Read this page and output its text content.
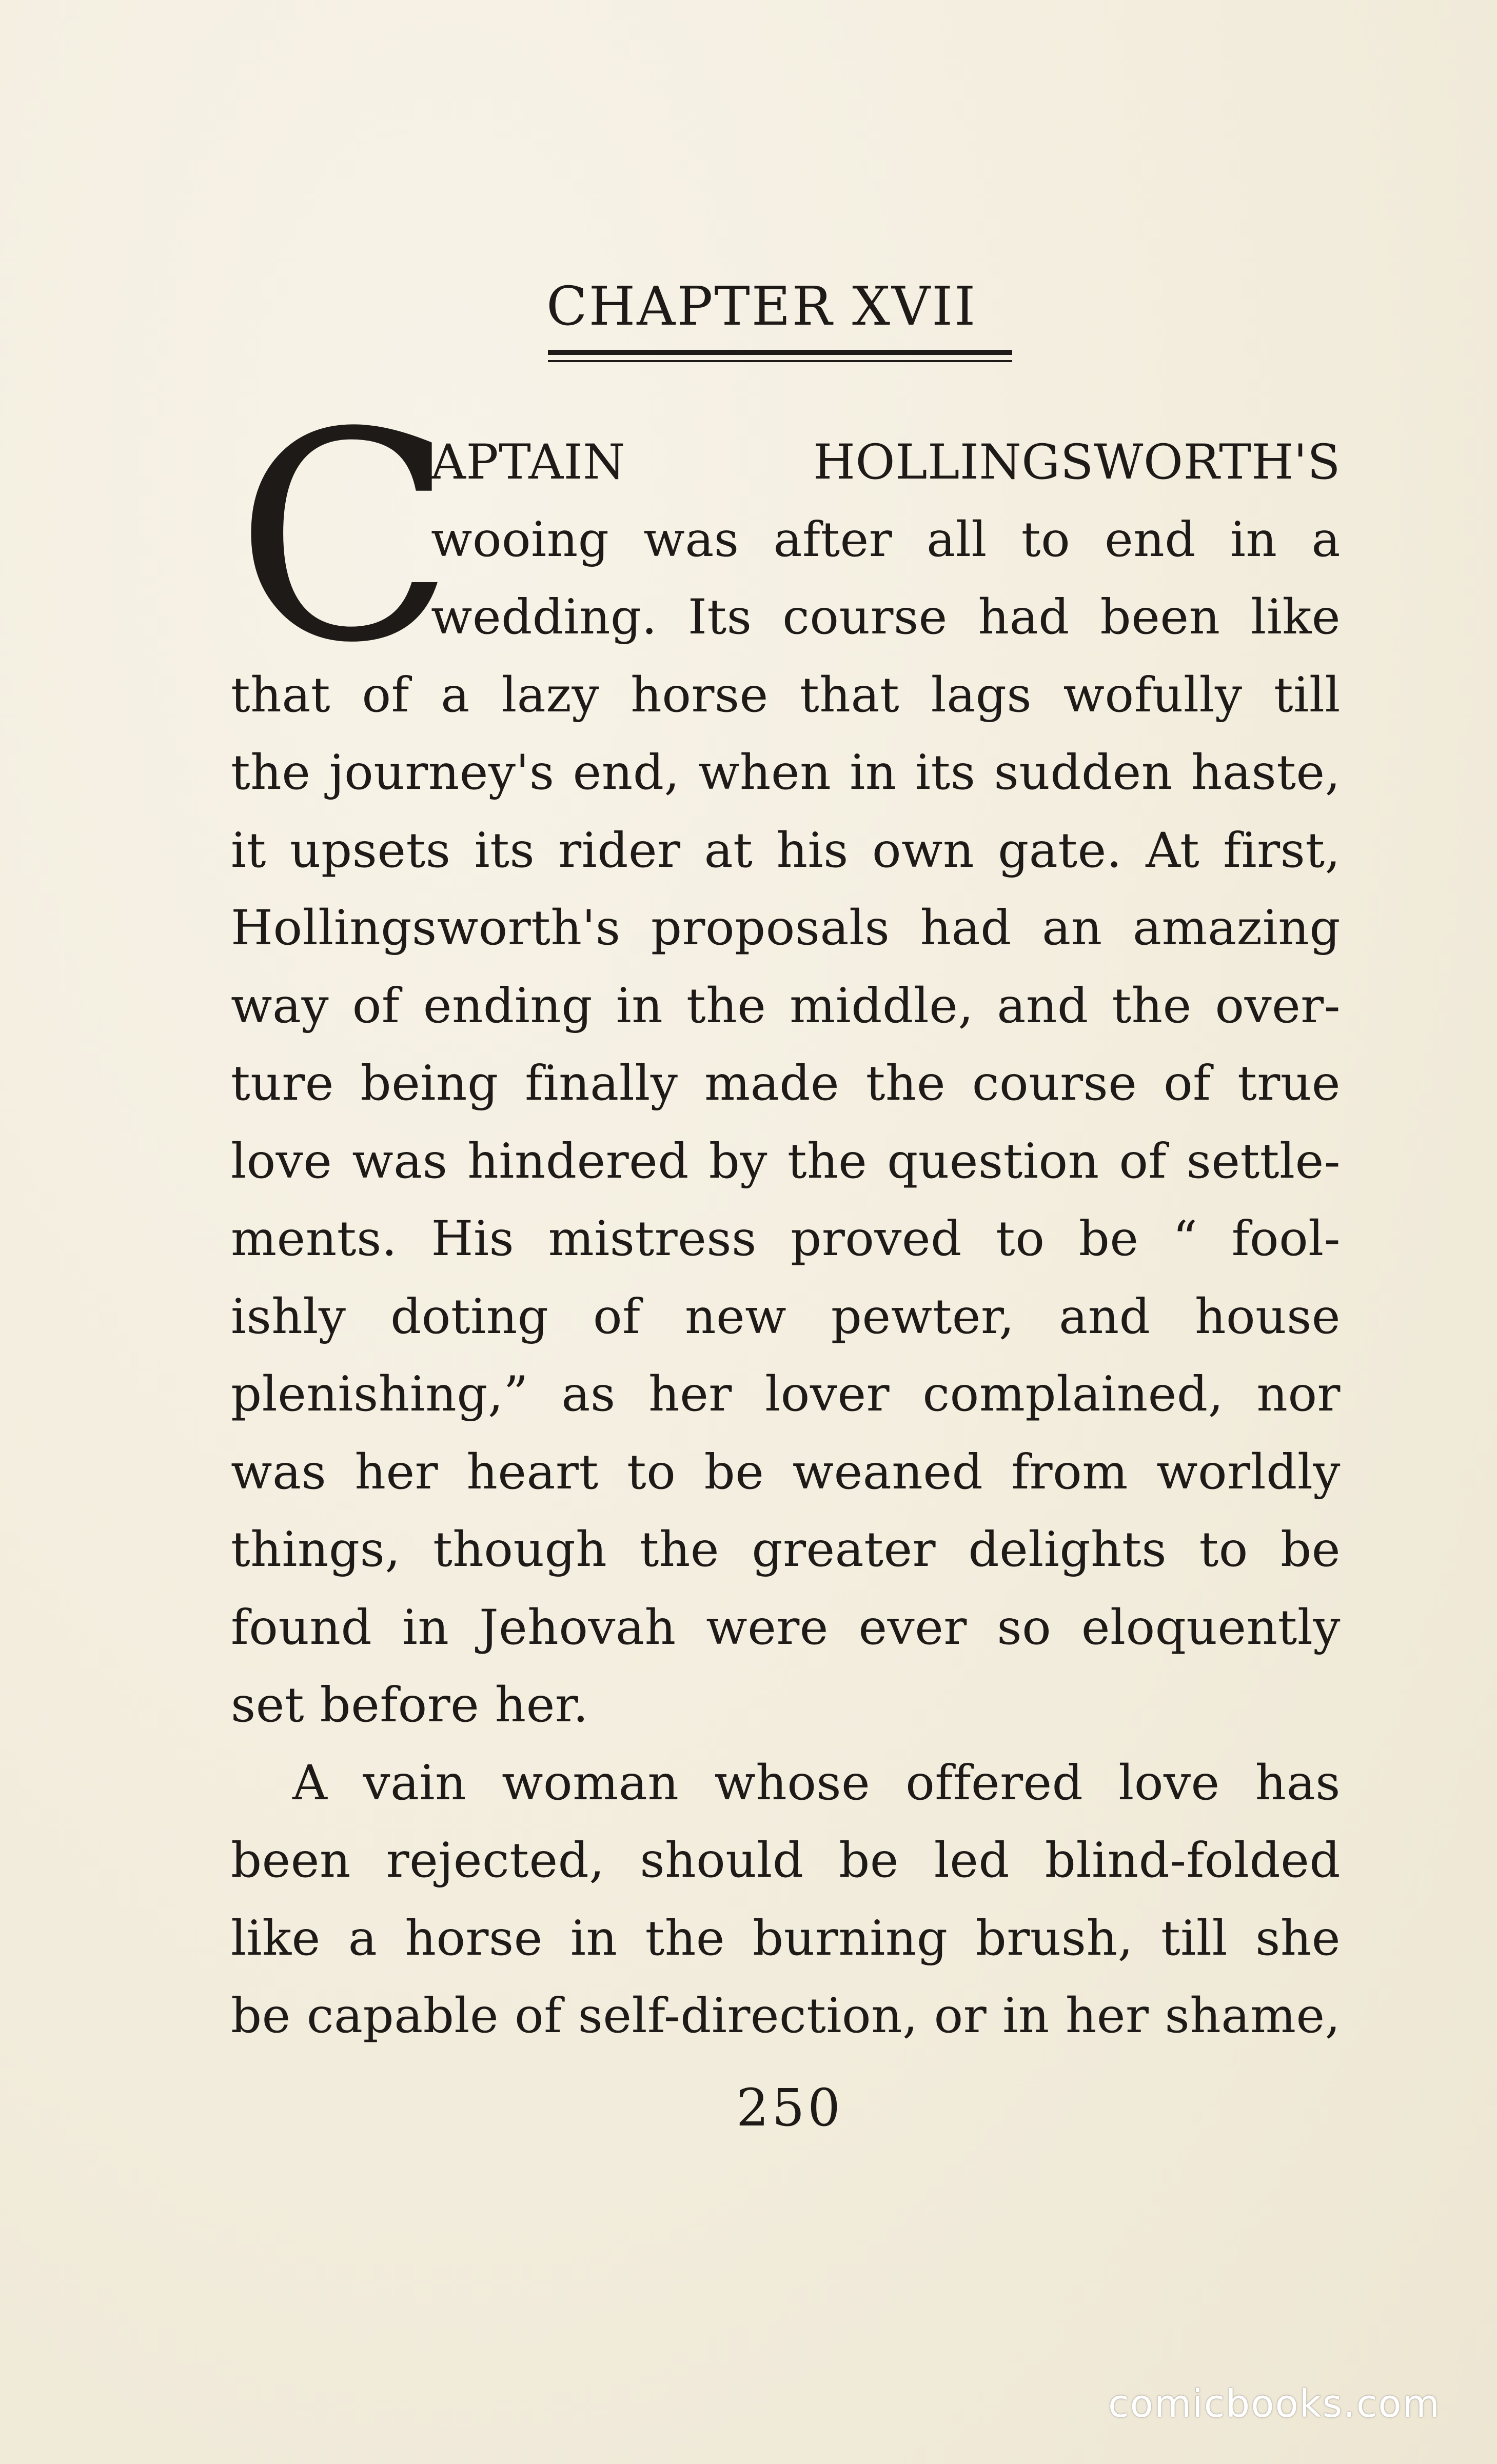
CHAPTER XVII
C
APTAIN HOLLINGSWORTH'S
wooing was after all to end in a
wedding. Its course had been like
that of a lazy horse that lags wofully till
the journey's end, when in its sudden haste,
it upsets its rider at his own gate. At first,
Hollingsworth's proposals had an amazing
way of ending in the middle, and the over-
ture being finally made the course of true
love was hindered by the question of settle-
ments. His mistress proved to be “ fool-
ishly doting of new pewter, and house
plenishing,” as her lover complained, nor
was her heart to be weaned from worldly
things, though the greater delights to be
found in Jehovah were ever so eloquently
set before her.
A vain woman whose offered love has
been rejected, should be led blind-folded
like a horse in the burning brush, till she
be capable of self-direction, or in her shame,
250
comicbooks.com
